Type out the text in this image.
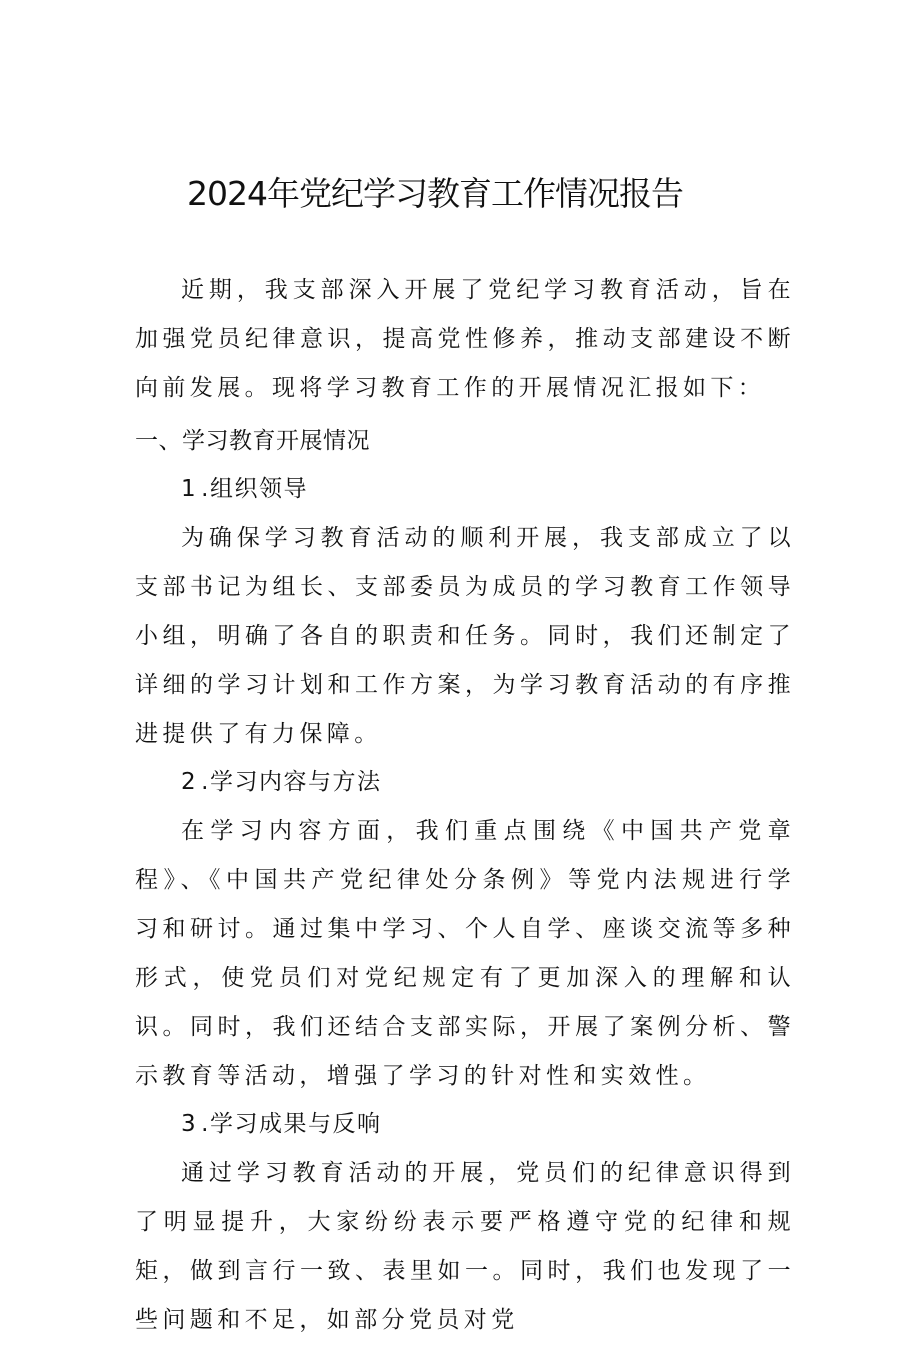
2024年党纪学习教育工作情况报告

近期，我支部深入开展了党纪学习教育活动，旨在加强党员纪律意识，提高党性修养，推动支部建设不断向前发展。现将学习教育工作的开展情况汇报如下：

一、学习教育开展情况
1 .组织领导

为确保学习教育活动的顺利开展，我支部成立了以支部书记为组长、支部委员为成员的学习教育工作领导小组，明确了各自的职责和任务。同时，我们还制定了详细的学习计划和工作方案，为学习教育活动的有序推进提供了有力保障。

2 .学习内容与方法

在学习内容方面，我们重点围绕《中国共产党章程》、《中国共产党纪律处分条例》等党内法规进行学习和研讨。通过集中学习、个人自学、座谈交流等多种形式，使党员们对党纪规定有了更加深入的理解和认识。同时，我们还结合支部实际，开展了案例分析、警示教育等活动，增强了学习的针对性和实效性。

3 .学习成果与反响

通过学习教育活动的开展，党员们的纪律意识得到了明显提升，大家纷纷表示要严格遵守党的纪律和规矩，做到言行一致、表里如一。同时，我们也发现了一些问题和不足，如部分党员对党
